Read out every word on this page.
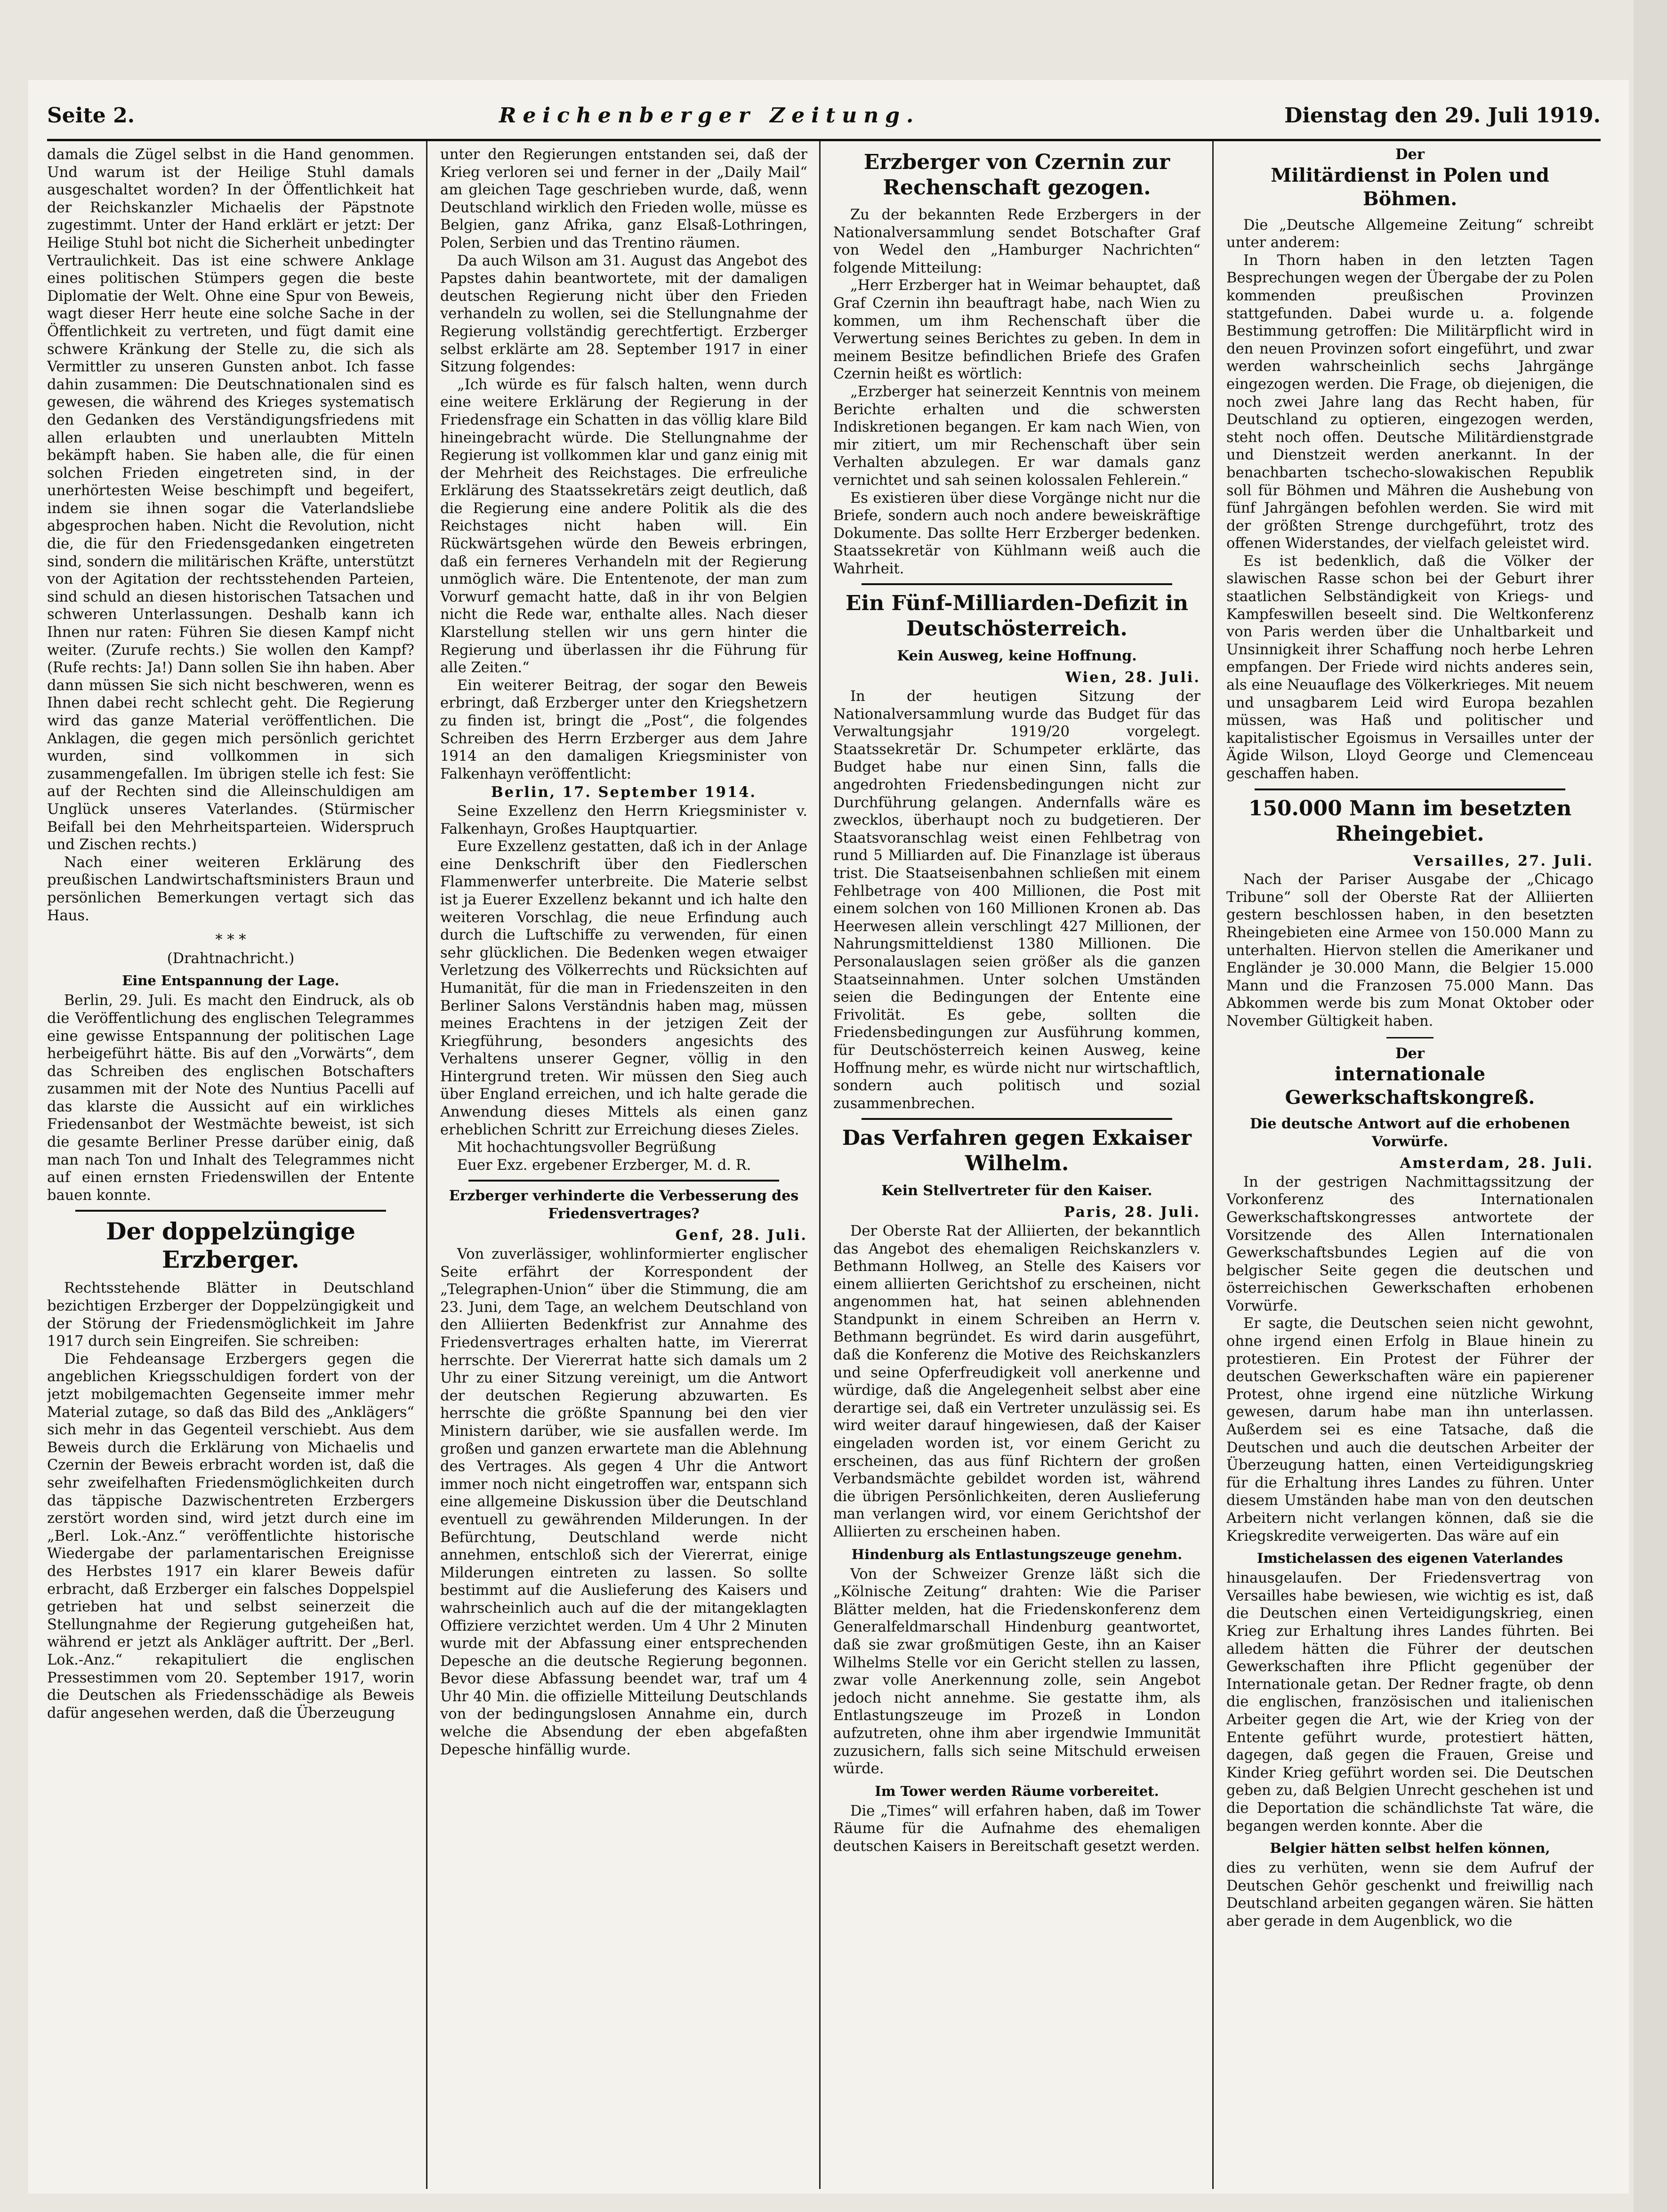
Seite 2.	Reichenberger Zeitung.	Dienstag den 29. Juli 1919.

damals die Zügel selbst in die Hand genommen. Und warum ist der Heilige Stuhl damals ausgeschaltet worden? In der Öffentlichkeit hat der Reichskanzler Michaelis der Päpstnote zugestimmt. Unter der Hand erklärt er jetzt: Der Heilige Stuhl bot nicht die Sicherheit unbedingter Vertraulichkeit. Das ist eine schwere Anklage eines politischen Stümpers gegen die beste Diplomatie der Welt. Ohne eine Spur von Beweis, wagt dieser Herr heute eine solche Sache in der Öffentlichkeit zu vertreten, und fügt damit eine schwere Kränkung der Stelle zu, die sich als Vermittler zu unseren Gunsten anbot. Ich fasse dahin zusammen: Die Deutschnationalen sind es gewesen, die während des Krieges systematisch den Gedanken des Verständigungsfriedens mit allen erlaubten und unerlaubten Mitteln bekämpft haben. Sie haben alle, die für einen solchen Frieden eingetreten sind, in der unerhörtesten Weise beschimpft und begeifert, indem sie ihnen sogar die Vaterlandsliebe abgesprochen haben. Nicht die Revolution, nicht die, die für den Friedensgedanken eingetreten sind, sondern die militärischen Kräfte, unterstützt von der Agitation der rechtsstehenden Parteien, sind schuld an diesen historischen Tatsachen und schweren Unterlassungen. Deshalb kann ich Ihnen nur raten: Führen Sie diesen Kampf nicht weiter. (Zurufe rechts.) Sie wollen den Kampf? (Rufe rechts: Ja!) Dann sollen Sie ihn haben. Aber dann müssen Sie sich nicht beschweren, wenn es Ihnen dabei recht schlecht geht. Die Regierung wird das ganze Material veröffentlichen. Die Anklagen, die gegen mich persönlich gerichtet wurden, sind vollkommen in sich zusammengefallen. Im übrigen stelle ich fest: Sie auf der Rechten sind die Alleinschuldigen am Unglück unseres Vaterlandes. (Stürmischer Beifall bei den Mehrheitsparteien. Widerspruch und Zischen rechts.)

Nach einer weiteren Erklärung des preußischen Landwirtschaftsministers Braun und persönlichen Bemerkungen vertagt sich das Haus.

* * *
(Drahtnachricht.)
Eine Entspannung der Lage.

Berlin, 29. Juli. Es macht den Eindruck, als ob die Veröffentlichung des englischen Telegrammes eine gewisse Entspannung der politischen Lage herbeigeführt hätte. Bis auf den „Vorwärts“, dem das Schreiben des englischen Botschafters zusammen mit der Note des Nuntius Pacelli auf das klarste die Aussicht auf ein wirkliches Friedensanbot der Westmächte beweist, ist sich die gesamte Berliner Presse darüber einig, daß man nach Ton und Inhalt des Telegrammes nicht auf einen ernsten Friedenswillen der Entente bauen konnte.

Der doppelzüngige Erzberger.

Rechtsstehende Blätter in Deutschland bezichtigen Erzberger der Doppelzüngigkeit und der Störung der Friedensmöglichkeit im Jahre 1917 durch sein Eingreifen. Sie schreiben:

Die Fehdeansage Erzbergers gegen die angeblichen Kriegsschuldigen fordert von der jetzt mobilgemachten Gegenseite immer mehr Material zutage, so daß das Bild des „Anklägers“ sich mehr in das Gegenteil verschiebt. Aus dem Beweis durch die Erklärung von Michaelis und Czernin der Beweis erbracht worden ist, daß die sehr zweifelhaften Friedensmöglichkeiten durch das täppische Dazwischentreten Erzbergers zerstört worden sind, wird jetzt durch eine im „Berl. Lok.-Anz.“ veröffentlichte historische Wiedergabe der parlamentarischen Ereignisse des Herbstes 1917 ein klarer Beweis dafür erbracht, daß Erzberger ein falsches Doppelspiel getrieben hat und selbst seinerzeit die Stellungnahme der Regierung gutgeheißen hat, während er jetzt als Ankläger auftritt. Der „Berl. Lok.-Anz.“ rekapituliert die englischen Pressestimmen vom 20. September 1917, worin die Deutschen als Friedensschädige als Beweis dafür angesehen werden, daß die Überzeugung

unter den Regierungen entstanden sei, daß der Krieg verloren sei und ferner in der „Daily Mail“ am gleichen Tage geschrieben wurde, daß, wenn Deutschland wirklich den Frieden wolle, müsse es Belgien, ganz Afrika, ganz Elsaß-Lothringen, Polen, Serbien und das Trentino räumen.

Da auch Wilson am 31. August das Angebot des Papstes dahin beantwortete, mit der damaligen deutschen Regierung nicht über den Frieden verhandeln zu wollen, sei die Stellungnahme der Regierung vollständig gerechtfertigt. Erzberger selbst erklärte am 28. September 1917 in einer Sitzung folgendes:

„Ich würde es für falsch halten, wenn durch eine weitere Erklärung der Regierung in der Friedensfrage ein Schatten in das völlig klare Bild hineingebracht würde. Die Stellungnahme der Regierung ist vollkommen klar und ganz einig mit der Mehrheit des Reichstages. Die erfreuliche Erklärung des Staatssekretärs zeigt deutlich, daß die Regierung eine andere Politik als die des Reichstages nicht haben will. Ein Rückwärtsgehen würde den Beweis erbringen, daß ein ferneres Verhandeln mit der Regierung unmöglich wäre. Die Ententenote, der man zum Vorwurf gemacht hatte, daß in ihr von Belgien nicht die Rede war, enthalte alles. Nach dieser Klarstellung stellen wir uns gern hinter die Regierung und überlassen ihr die Führung für alle Zeiten.“

Ein weiterer Beitrag, der sogar den Beweis erbringt, daß Erzberger unter den Kriegshetzern zu finden ist, bringt die „Post“, die folgendes Schreiben des Herrn Erzberger aus dem Jahre 1914 an den damaligen Kriegsminister von Falkenhayn veröffentlicht:

Berlin, 17. September 1914.

Seine Exzellenz den Herrn Kriegsminister v. Falkenhayn, Großes Hauptquartier.

Eure Exzellenz gestatten, daß ich in der Anlage eine Denkschrift über den Fiedlerschen Flammenwerfer unterbreite. Die Materie selbst ist ja Euerer Exzellenz bekannt und ich halte den weiteren Vorschlag, die neue Erfindung auch durch die Luftschiffe zu verwenden, für einen sehr glücklichen. Die Bedenken wegen etwaiger Verletzung des Völkerrechts und Rücksichten auf Humanität, für die man in Friedenszeiten in den Berliner Salons Verständnis haben mag, müssen meines Erachtens in der jetzigen Zeit der Kriegführung, besonders angesichts des Verhaltens unserer Gegner, völlig in den Hintergrund treten. Wir müssen den Sieg auch über England erreichen, und ich halte gerade die Anwendung dieses Mittels als einen ganz erheblichen Schritt zur Erreichung dieses Zieles.

Mit hochachtungsvoller Begrüßung

Euer Exz. ergebener Erzberger, M. d. R.

Erzberger verhinderte die Verbesserung des Friedensvertrages?
Genf, 28. Juli.

Von zuverlässiger, wohlinformierter englischer Seite erfährt der Korrespondent der „Telegraphen-Union“ über die Stimmung, die am 23. Juni, dem Tage, an welchem Deutschland von den Alliierten Bedenkfrist zur Annahme des Friedensvertrages erhalten hatte, im Viererrat herrschte. Der Viererrat hatte sich damals um 2 Uhr zu einer Sitzung vereinigt, um die Antwort der deutschen Regierung abzuwarten. Es herrschte die größte Spannung bei den vier Ministern darüber, wie sie ausfallen werde. Im großen und ganzen erwartete man die Ablehnung des Vertrages. Als gegen 4 Uhr die Antwort immer noch nicht eingetroffen war, entspann sich eine allgemeine Diskussion über die Deutschland eventuell zu gewährenden Milderungen. In der Befürchtung, Deutschland werde nicht annehmen, entschloß sich der Viererrat, einige Milderungen eintreten zu lassen. So sollte bestimmt auf die Auslieferung des Kaisers und wahrscheinlich auch auf die der mitangeklagten Offiziere verzichtet werden. Um 4 Uhr 2 Minuten wurde mit der Abfassung einer entsprechenden Depesche an die deutsche Regierung begonnen. Bevor diese Abfassung beendet war, traf um 4 Uhr 40 Min. die offizielle Mitteilung Deutschlands von der bedingungslosen Annahme ein, durch welche die Absendung der eben abgefaßten Depesche hinfällig wurde.

Erzberger von Czernin zur Rechenschaft gezogen.

Zu der bekannten Rede Erzbergers in der Nationalversammlung sendet Botschafter Graf von Wedel den „Hamburger Nachrichten“ folgende Mitteilung:

„Herr Erzberger hat in Weimar behauptet, daß Graf Czernin ihn beauftragt habe, nach Wien zu kommen, um ihm Rechenschaft über die Verwertung seines Berichtes zu geben. In dem in meinem Besitze befindlichen Briefe des Grafen Czernin heißt es wörtlich:

„Erzberger hat seinerzeit Kenntnis von meinem Berichte erhalten und die schwersten Indiskretionen begangen. Er kam nach Wien, von mir zitiert, um mir Rechenschaft über sein Verhalten abzulegen. Er war damals ganz vernichtet und sah seinen kolossalen Fehlerein.“

Es existieren über diese Vorgänge nicht nur die Briefe, sondern auch noch andere beweiskräftige Dokumente. Das sollte Herr Erzberger bedenken. Staatssekretär von Kühlmann weiß auch die Wahrheit.

Ein Fünf-Milliarden-Defizit in Deutschösterreich.
Kein Ausweg, keine Hoffnung.
Wien, 28. Juli.

In der heutigen Sitzung der Nationalversammlung wurde das Budget für das Verwaltungsjahr 1919/20 vorgelegt. Staatssekretär Dr. Schumpeter erklärte, das Budget habe nur einen Sinn, falls die angedrohten Friedensbedingungen nicht zur Durchführung gelangen. Andernfalls wäre es zwecklos, überhaupt noch zu budgetieren. Der Staatsvoranschlag weist einen Fehlbetrag von rund 5 Milliarden auf. Die Finanzlage ist überaus trist. Die Staatseisenbahnen schließen mit einem Fehlbetrage von 400 Millionen, die Post mit einem solchen von 160 Millionen Kronen ab. Das Heerwesen allein verschlingt 427 Millionen, der Nahrungsmitteldienst 1380 Millionen. Die Personalauslagen seien größer als die ganzen Staatseinnahmen. Unter solchen Umständen seien die Bedingungen der Entente eine Frivolität. Es gebe, sollten die Friedensbedingungen zur Ausführung kommen, für Deutschösterreich keinen Ausweg, keine Hoffnung mehr, es würde nicht nur wirtschaftlich, sondern auch politisch und sozial zusammenbrechen.

Das Verfahren gegen Exkaiser Wilhelm.
Kein Stellvertreter für den Kaiser.
Paris, 28. Juli.

Der Oberste Rat der Alliierten, der bekanntlich das Angebot des ehemaligen Reichskanzlers v. Bethmann Hollweg, an Stelle des Kaisers vor einem alliierten Gerichtshof zu erscheinen, nicht angenommen hat, hat seinen ablehnenden Standpunkt in einem Schreiben an Herrn v. Bethmann begründet. Es wird darin ausgeführt, daß die Konferenz die Motive des Reichskanzlers und seine Opferfreudigkeit voll anerkenne und würdige, daß die Angelegenheit selbst aber eine derartige sei, daß ein Vertreter unzulässig sei. Es wird weiter darauf hingewiesen, daß der Kaiser eingeladen worden ist, vor einem Gericht zu erscheinen, das aus fünf Richtern der großen Verbandsmächte gebildet worden ist, während die übrigen Persönlichkeiten, deren Auslieferung man verlangen wird, vor einem Gerichtshof der Alliierten zu erscheinen haben.

Hindenburg als Entlastungszeuge genehm.

Von der Schweizer Grenze läßt sich die „Kölnische Zeitung“ drahten: Wie die Pariser Blätter melden, hat die Friedenskonferenz dem Generalfeldmarschall Hindenburg geantwortet, daß sie zwar großmütigen Geste, ihn an Kaiser Wilhelms Stelle vor ein Gericht stellen zu lassen, zwar volle Anerkennung zolle, sein Angebot jedoch nicht annehme. Sie gestatte ihm, als Entlastungszeuge im Prozeß in London aufzutreten, ohne ihm aber irgendwie Immunität zuzusichern, falls sich seine Mitschuld erweisen würde.

Im Tower werden Räume vorbereitet.

Die „Times“ will erfahren haben, daß im Tower Räume für die Aufnahme des ehemaligen deutschen Kaisers in Bereitschaft gesetzt werden.

Der
Militärdienst in Polen und Böhmen.

Die „Deutsche Allgemeine Zeitung“ schreibt unter anderem:

In Thorn haben in den letzten Tagen Besprechungen wegen der Übergabe der zu Polen kommenden preußischen Provinzen stattgefunden. Dabei wurde u. a. folgende Bestimmung getroffen: Die Militärpflicht wird in den neuen Provinzen sofort eingeführt, und zwar werden wahrscheinlich sechs Jahrgänge eingezogen werden. Die Frage, ob diejenigen, die noch zwei Jahre lang das Recht haben, für Deutschland zu optieren, eingezogen werden, steht noch offen. Deutsche Militärdienstgrade und Dienstzeit werden anerkannt. In der benachbarten tschecho-slowakischen Republik soll für Böhmen und Mähren die Aushebung von fünf Jahrgängen befohlen werden. Sie wird mit der größten Strenge durchgeführt, trotz des offenen Widerstandes, der vielfach geleistet wird.

Es ist bedenklich, daß die Völker der slawischen Rasse schon bei der Geburt ihrer staatlichen Selbständigkeit von Kriegs- und Kampfeswillen beseelt sind. Die Weltkonferenz von Paris werden über die Unhaltbarkeit und Unsinnigkeit ihrer Schaffung noch herbe Lehren empfangen. Der Friede wird nichts anderes sein, als eine Neuauflage des Völkerkrieges. Mit neuem und unsagbarem Leid wird Europa bezahlen müssen, was Haß und politischer und kapitalistischer Egoismus in Versailles unter der Ägide Wilson, Lloyd George und Clemenceau geschaffen haben.

150.000 Mann im besetzten Rheingebiet.
Versailles, 27. Juli.

Nach der Pariser Ausgabe der „Chicago Tribune“ soll der Oberste Rat der Alliierten gestern beschlossen haben, in den besetzten Rheingebieten eine Armee von 150.000 Mann zu unterhalten. Hiervon stellen die Amerikaner und Engländer je 30.000 Mann, die Belgier 15.000 Mann und die Franzosen 75.000 Mann. Das Abkommen werde bis zum Monat Oktober oder November Gültigkeit haben.

Der
internationale Gewerkschaftskongreß.
Die deutsche Antwort auf die erhobenen Vorwürfe.
Amsterdam, 28. Juli.

In der gestrigen Nachmittagssitzung der Vorkonferenz des Internationalen Gewerkschaftskongresses antwortete der Vorsitzende des Allen Internationalen Gewerkschaftsbundes Legien auf die von belgischer Seite gegen die deutschen und österreichischen Gewerkschaften erhobenen Vorwürfe.

Er sagte, die Deutschen seien nicht gewohnt, ohne irgend einen Erfolg in Blaue hinein zu protestieren. Ein Protest der Führer der deutschen Gewerkschaften wäre ein papierener Protest, ohne irgend eine nützliche Wirkung gewesen, darum habe man ihn unterlassen. Außerdem sei es eine Tatsache, daß die Deutschen und auch die deutschen Arbeiter der Überzeugung hatten, einen Verteidigungskrieg für die Erhaltung ihres Landes zu führen. Unter diesem Umständen habe man von den deutschen Arbeitern nicht verlangen können, daß sie die Kriegskredite verweigerten. Das wäre auf ein

Imstichelassen des eigenen Vaterlandes

hinausgelaufen. Der Friedensvertrag von Versailles habe bewiesen, wie wichtig es ist, daß die Deutschen einen Verteidigungskrieg, einen Krieg zur Erhaltung ihres Landes führten. Bei alledem hätten die Führer der deutschen Gewerkschaften ihre Pflicht gegenüber der Internationale getan. Der Redner fragte, ob denn die englischen, französischen und italienischen Arbeiter gegen die Art, wie der Krieg von der Entente geführt wurde, protestiert hätten, dagegen, daß gegen die Frauen, Greise und Kinder Krieg geführt worden sei. Die Deutschen geben zu, daß Belgien Unrecht geschehen ist und die Deportation die schändlichste Tat wäre, die begangen werden konnte. Aber die

Belgier hätten selbst helfen können,

dies zu verhüten, wenn sie dem Aufruf der Deutschen Gehör geschenkt und freiwillig nach Deutschland arbeiten gegangen wären. Sie hätten aber gerade in dem Augenblick, wo die
